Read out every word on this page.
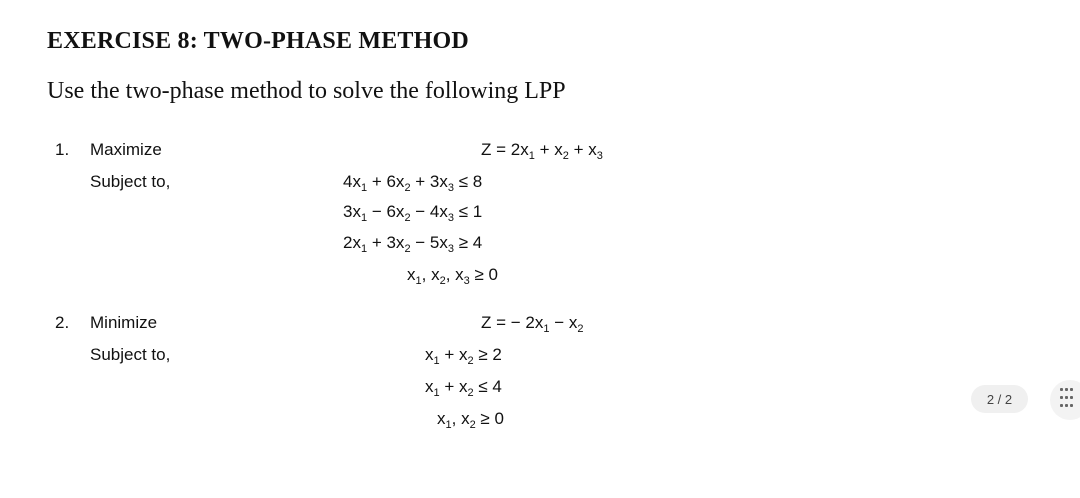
EXERCISE 8: TWO-PHASE METHOD
Use the two-phase method to solve the following LPP
1. Maximize
Subject to,
$Z = 2x_1 + x_2 + x_3$
$4x_1 + 6x_2 + 3x_3 \le 8$
$3x_1 - 6x_2 - 4x_3 \le 1$
$2x_1 + 3x_2 - 5x_3 \ge 4$
$x_1$, $x_2$, $x_3 \ge 0$
2. Minimize
Subject to,
Z = − $2x_1 - x_2$
$x_1 + x_2 \ge 2$
$x_1 + x_2 \le 4$
$x_1$, $x_2 \ge 0$
2 / 2
